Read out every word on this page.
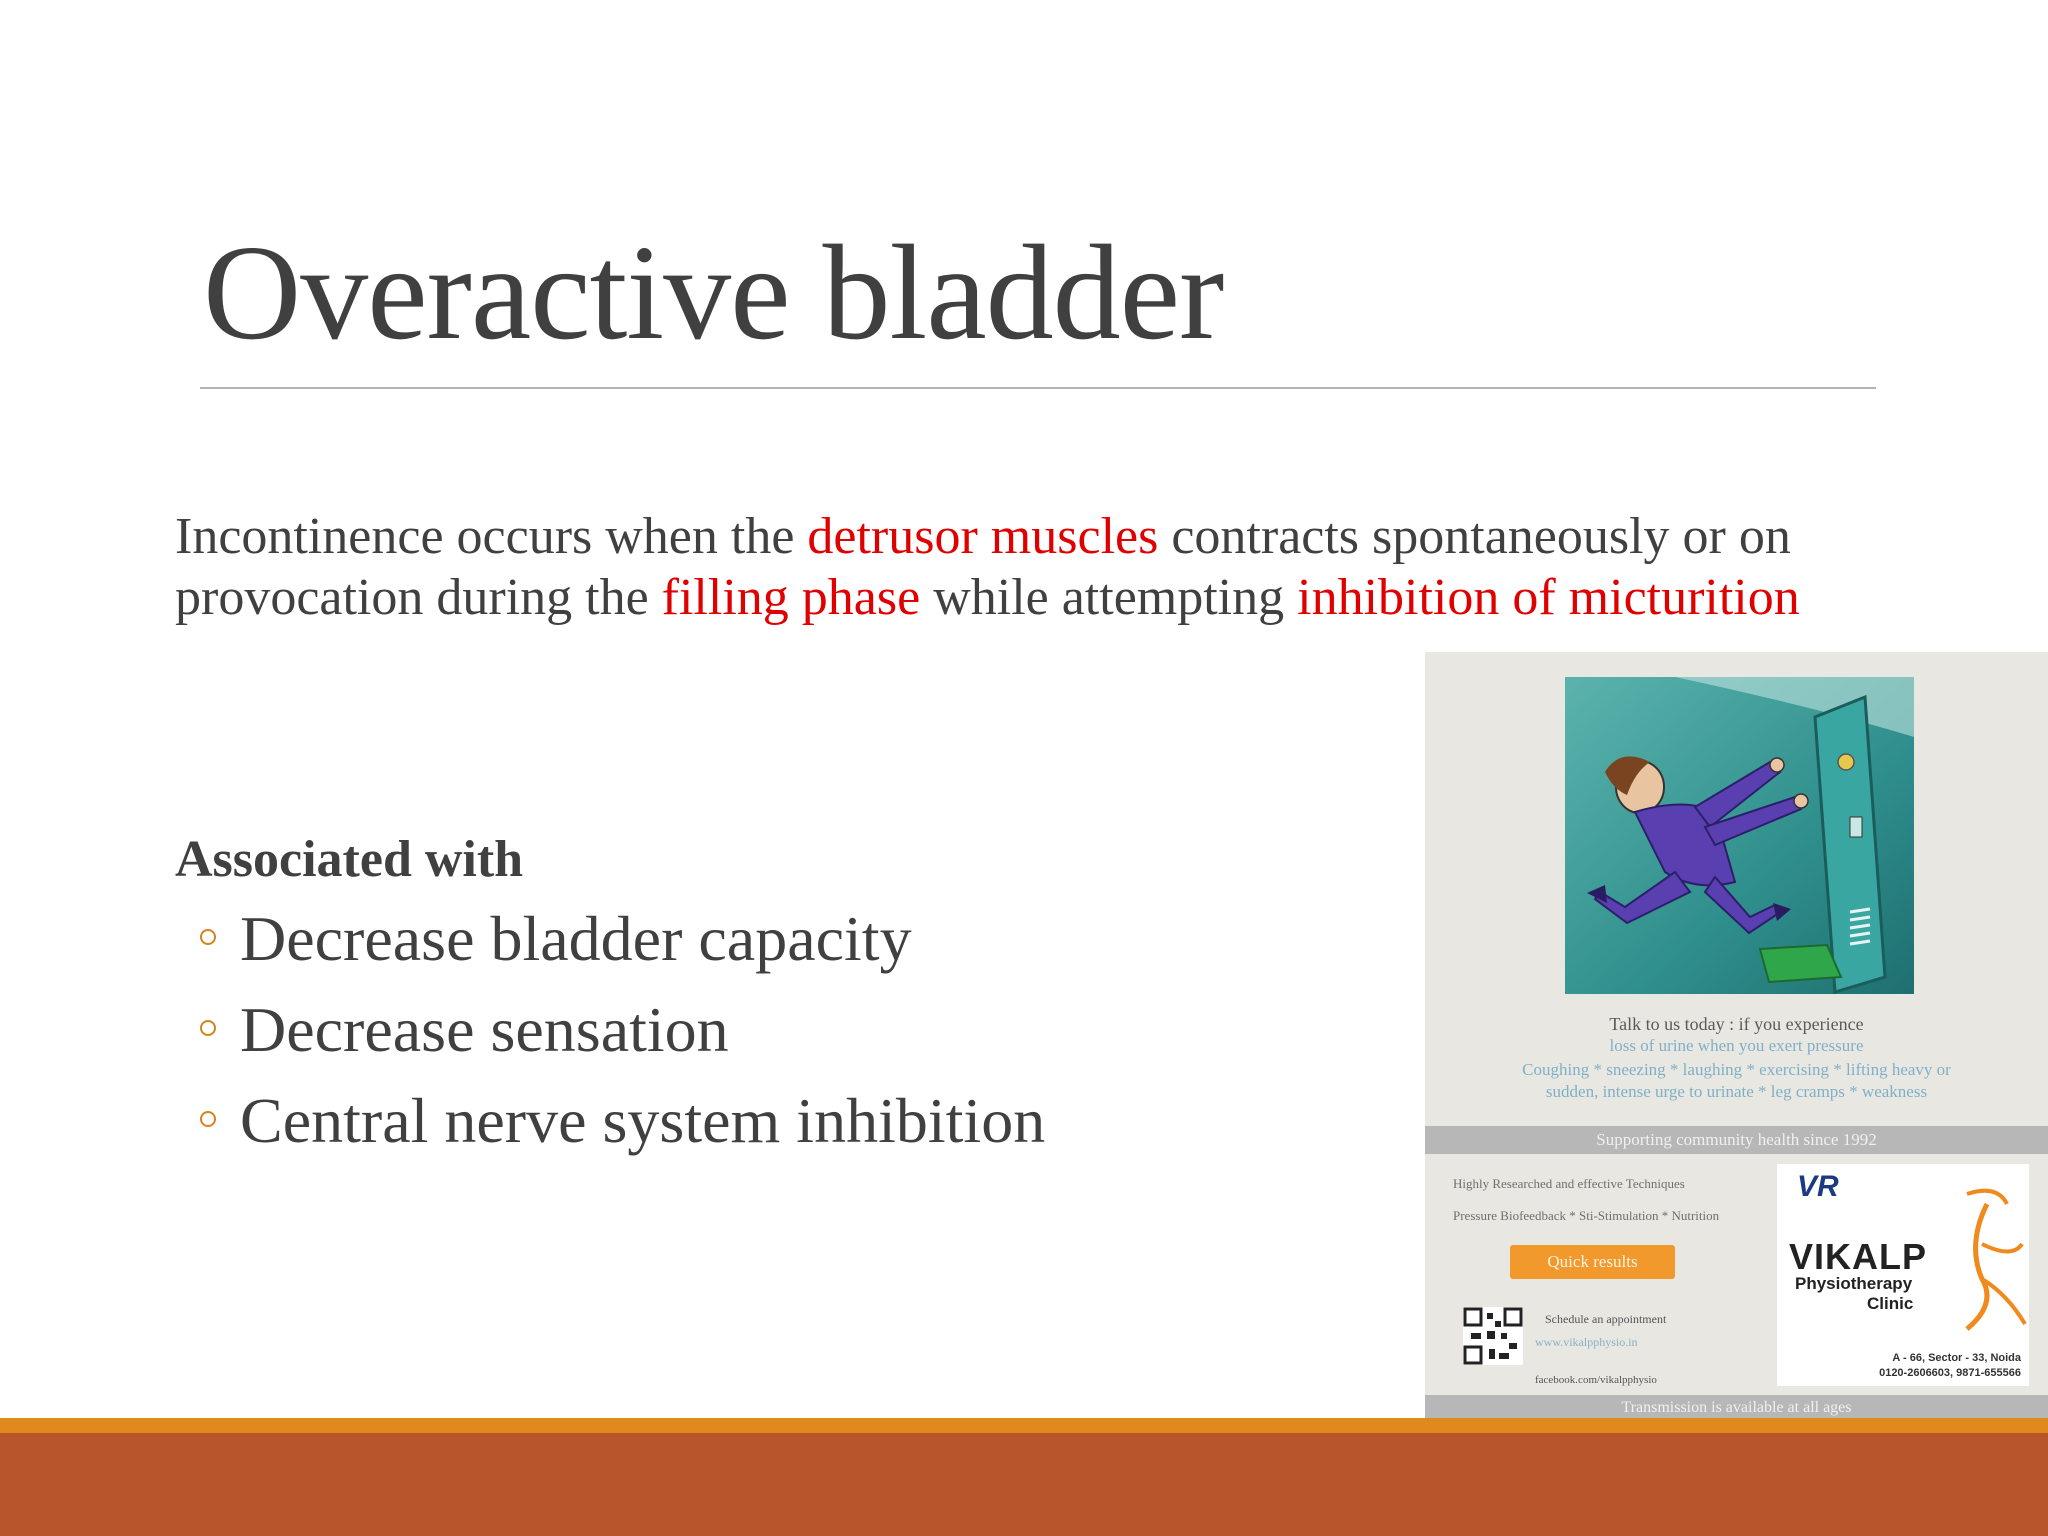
Overactive bladder
Incontinence occurs when the detrusor muscles contracts spontaneously or on provocation during the filling phase while attempting inhibition of micturition
Associated with
Decrease bladder capacity
Decrease sensation
Central nerve system inhibition
Talk to us today : if you experience
loss of urine when you exert pressure
Coughing * sneezing * laughing * exercising * lifting heavy or
sudden, intense urge to urinate * leg cramps * weakness
Supporting community health since 1992
Highly Researched and effective Techniques
Pressure Biofeedback * Sti-Stimulation * Nutrition
Quick results
Schedule an appointment
www.vikalpphysio.in
facebook.com/vikalpphysio
VR
VIKALP
Physiotherapy
Clinic
A - 66, Sector - 33, Noida
0120-2606603, 9871-655566
Transmission is available at all ages
